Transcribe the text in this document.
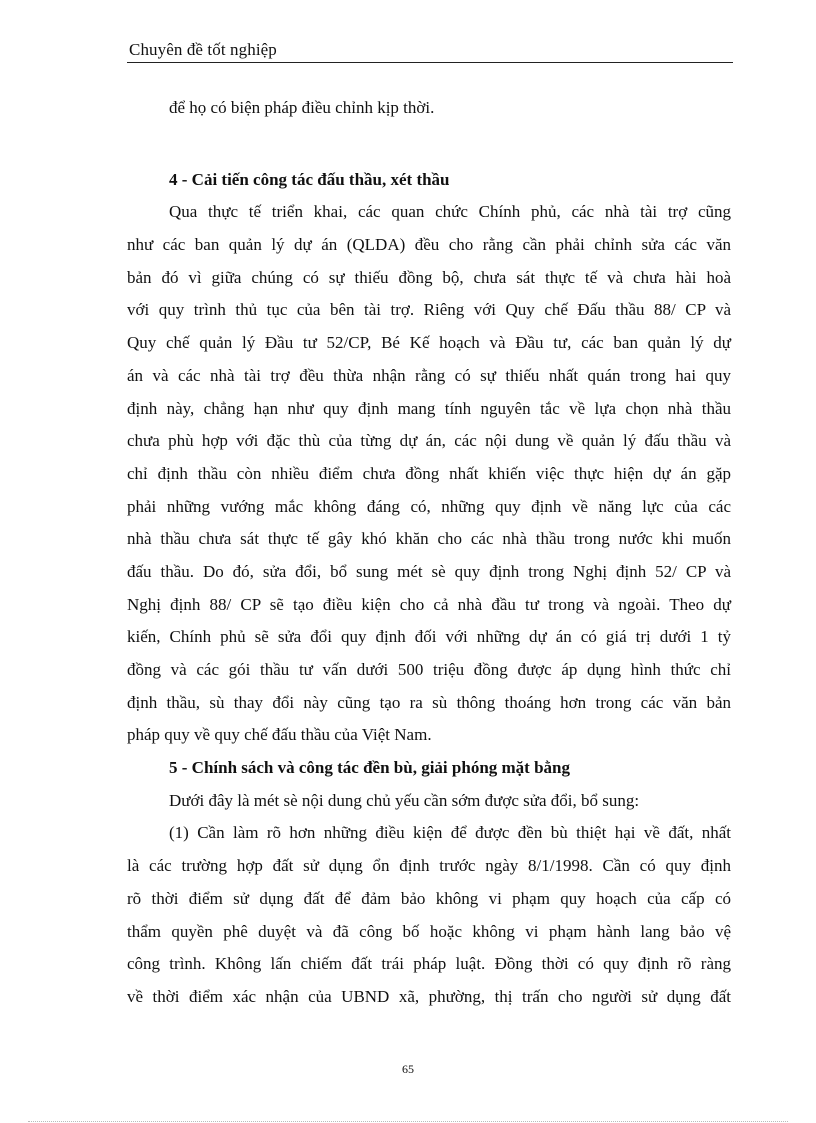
Chuyên đề tốt nghiệp
để họ có biện pháp điều chỉnh kịp thời.
4 - Cải tiến công tác đấu thầu, xét thầu
Qua thực tế triển khai, các quan chức Chính phủ, các nhà tài trợ cũng
như các ban quản lý dự án (QLDA) đều cho rằng cần phải chỉnh sửa các văn
bản đó vì giữa chúng có sự thiếu đồng bộ, chưa sát thực tế và chưa hài hoà
với quy trình thủ tục của bên tài trợ. Riêng với Quy chế Đấu thầu 88/ CP và
Quy chế quản lý Đầu tư 52/CP, Bé Kế hoạch và Đầu tư, các ban quản lý dự
án và các nhà tài trợ đều thừa nhận rằng có sự thiếu nhất quán trong hai quy
định này, chẳng hạn như quy định mang tính nguyên tắc về lựa chọn nhà thầu
chưa phù hợp với đặc thù của từng dự án, các nội dung về quản lý đấu thầu và
chỉ định thầu còn nhiều điểm chưa đồng nhất khiến việc thực hiện dự án gặp
phải những vướng mắc không đáng có, những quy định về năng lực của các
nhà thầu chưa sát thực tế gây khó khăn cho các nhà thầu trong nước khi muốn
đấu thầu. Do đó, sửa đổi, bổ sung mét sè quy định trong Nghị định 52/ CP và
Nghị định 88/ CP sẽ tạo điều kiện cho cả nhà đầu tư trong và ngoài. Theo dự
kiến, Chính phủ sẽ sửa đổi quy định đối với những dự án có giá trị dưới 1 tỷ
đồng và các gói thầu tư vấn dưới 500 triệu đồng được áp dụng hình thức chỉ
định thầu, sù thay đổi này cũng tạo ra sù thông thoáng hơn trong các văn bản
pháp quy về quy chế đấu thầu của Việt Nam.
5 - Chính sách và công tác đền bù, giải phóng mặt bằng
Dưới đây là mét sè nội dung chủ yếu cần sớm được sửa đổi, bổ sung:
(1) Cần làm rõ hơn những điều kiện để được đền bù thiệt hại về đất, nhất
là các trường hợp đất sử dụng ổn định trước ngày 8/1/1998. Cần có quy định
rõ thời điểm sử dụng đất để đảm bảo không vi phạm quy hoạch của cấp có
thẩm quyền phê duyệt và đã công bố hoặc không vi phạm hành lang bảo vệ
công trình. Không lấn chiếm đất trái pháp luật. Đồng thời có quy định rõ ràng
về thời điểm xác nhận của UBND xã, phường, thị trấn cho người sử dụng đất
65
